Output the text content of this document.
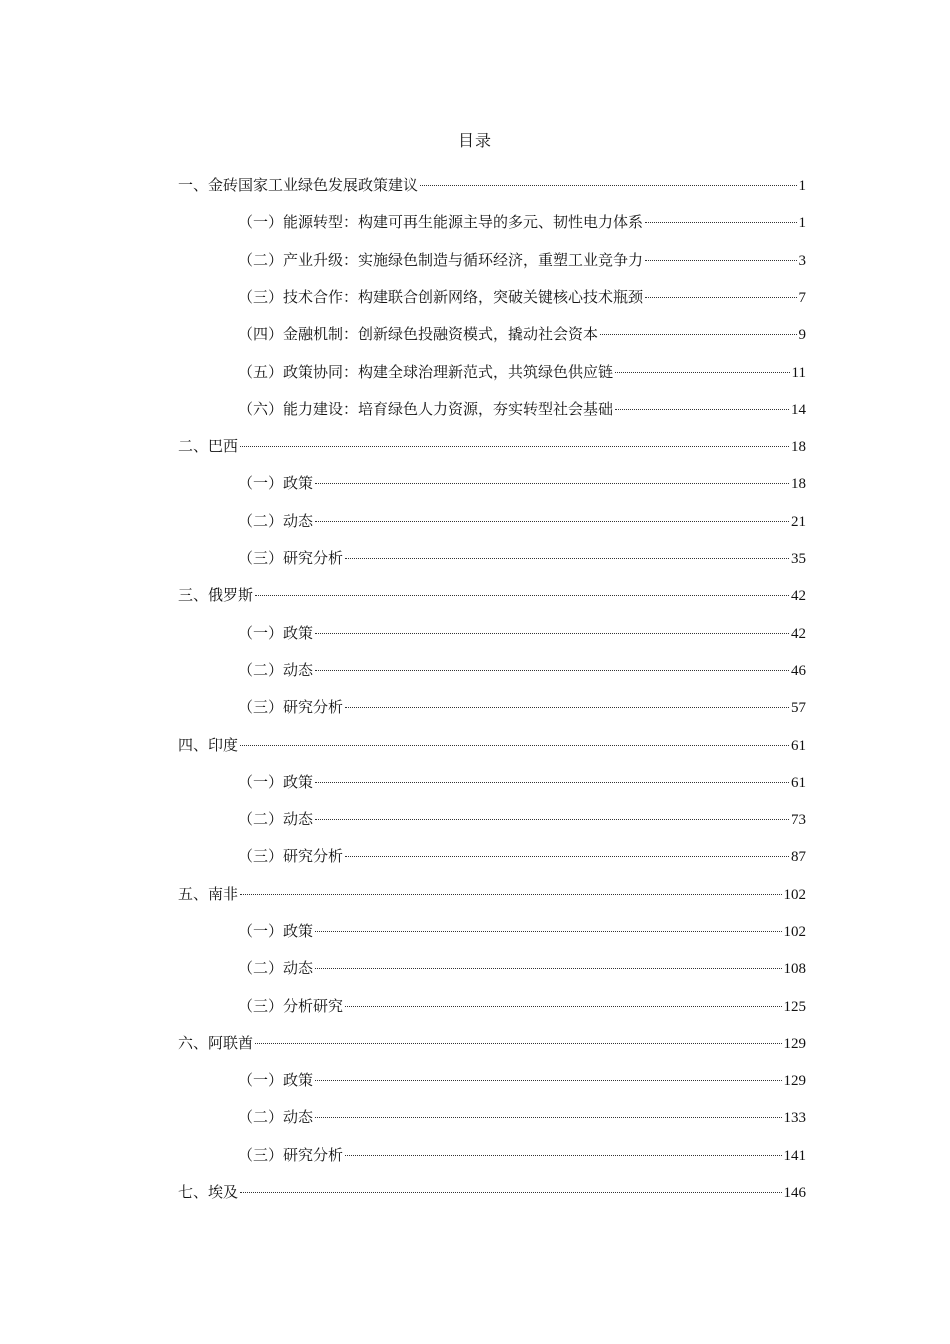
目录
一、金砖国家工业绿色发展政策建议	1
（一）能源转型：构建可再生能源主导的多元、韧性电力体系	1
（二）产业升级：实施绿色制造与循环经济，重塑工业竞争力	3
（三）技术合作：构建联合创新网络，突破关键核心技术瓶颈	7
（四）金融机制：创新绿色投融资模式，撬动社会资本	9
（五）政策协同：构建全球治理新范式，共筑绿色供应链	11
（六）能力建设：培育绿色人力资源，夯实转型社会基础	14
二、巴西	18
（一）政策	18
（二）动态	21
（三）研究分析	35
三、俄罗斯	42
（一）政策	42
（二）动态	46
（三）研究分析	57
四、印度	61
（一）政策	61
（二）动态	73
（三）研究分析	87
五、南非	102
（一）政策	102
（二）动态	108
（三）分析研究	125
六、阿联酋	129
（一）政策	129
（二）动态	133
（三）研究分析	141
七、埃及	146
